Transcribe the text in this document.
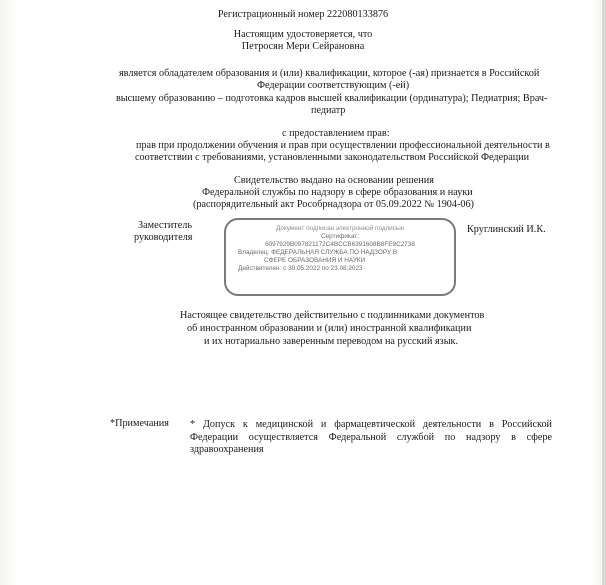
Регистрационный номер 222080133876
Настоящим удостоверяется, что
Петросян Мери Сейрановна
является обладателем образования и (или) квалификации, которое (-ая) признается в Российской
Федерации соответствующим (-ей)
высшему образованию – подготовка кадров высшей квалификации (ординатура); Педиатрия; Врач-
педиатр
с предоставлением прав:
прав при продолжении обучения и прав при осуществлении профессиональной деятельности в
соответствии с требованиями, установленными законодательством Российской Федерации
Свидетельство выдано на основании решения
Федеральной службы по надзору в сфере образования и науки
(распорядительный акт Рособрнадзора от 05.09.2022 № 1904-06)
Заместитель
руководителя
Круглинский И.К.
Документ подписан электронной подписью
Сертификат:
6097929B097821172C4BCCB6391608B8FE9C2738
Владелец: ФЕДЕРАЛЬНАЯ СЛУЖБА ПО НАДЗОРУ В
СФЕРЕ ОБРАЗОВАНИЯ И НАУКИ
Действителен: с 30.05.2022 по 23.08.2023
Настоящее свидетельство действительно с подлинниками документов
об иностранном образовании и (или) иностранной квалификации
и их нотариально заверенным переводом на русский язык.
*Примечания * Допуск к медицинской и фармацевтической деятельности в Российской Федерации осуществляется Федеральной службой по надзору в сфере здравоохранения
